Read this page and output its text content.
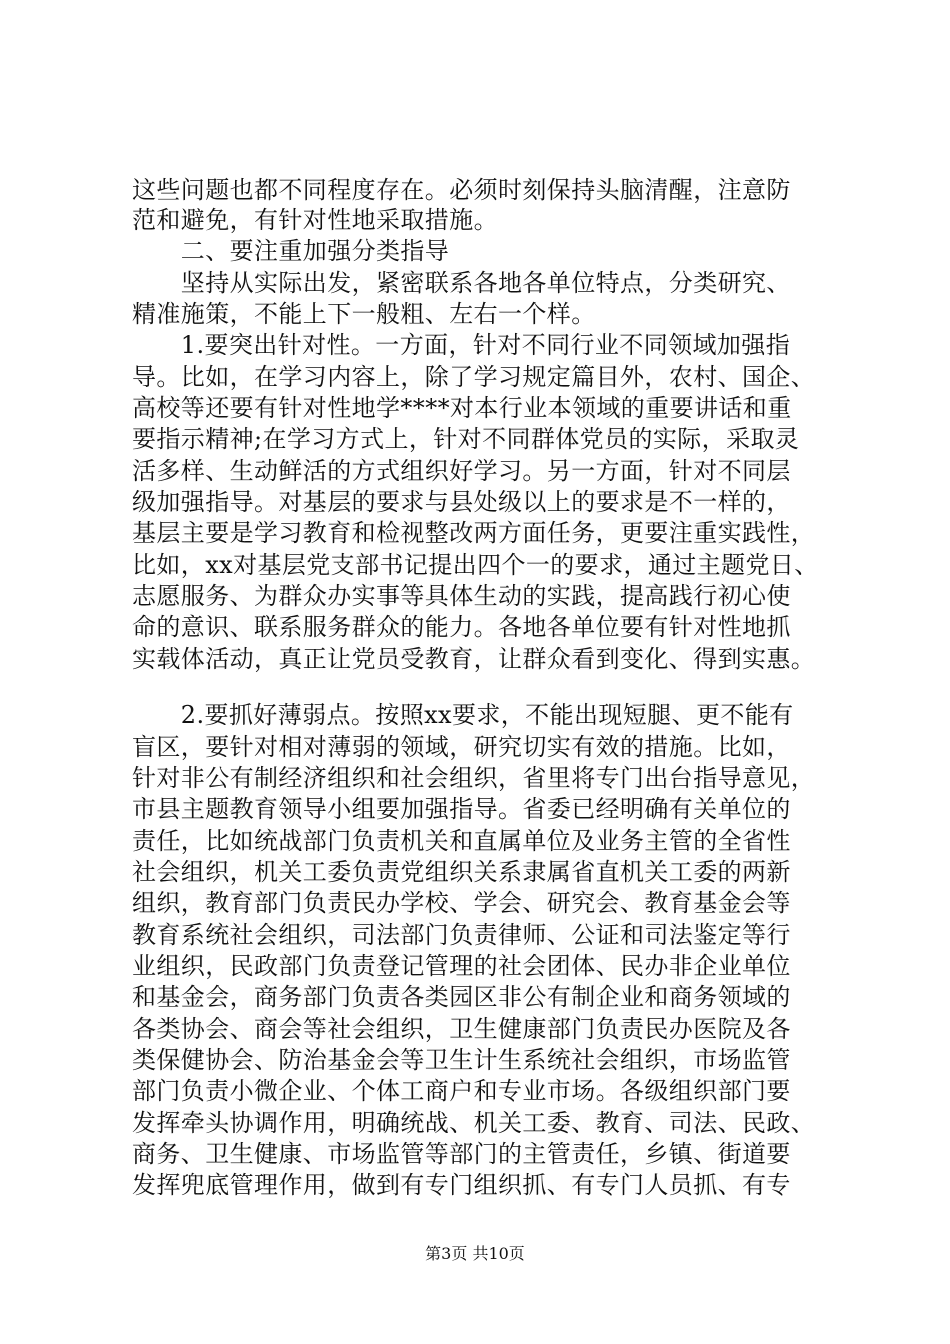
这些问题也都不同程度存在。必须时刻保持头脑清醒，注意防
范和避免，有针对性地采取措施。
　　二、要注重加强分类指导
　　坚持从实际出发，紧密联系各地各单位特点，分类研究、
精准施策，不能上下一般粗、左右一个样。
　　1.要突出针对性。一方面，针对不同行业不同领域加强指
导。比如，在学习内容上，除了学习规定篇目外，农村、国企、
高校等还要有针对性地学****对本行业本领域的重要讲话和重
要指示精神;在学习方式上，针对不同群体党员的实际，采取灵
活多样、生动鲜活的方式组织好学习。另一方面，针对不同层
级加强指导。对基层的要求与县处级以上的要求是不一样的，
基层主要是学习教育和检视整改两方面任务，更要注重实践性，
比如，xx对基层党支部书记提出四个一的要求，通过主题党日、
志愿服务、为群众办实事等具体生动的实践，提高践行初心使
命的意识、联系服务群众的能力。各地各单位要有针对性地抓
实载体活动，真正让党员受教育，让群众看到变化、得到实惠。
　　2.要抓好薄弱点。按照xx要求，不能出现短腿、更不能有
盲区，要针对相对薄弱的领域，研究切实有效的措施。比如，
针对非公有制经济组织和社会组织，省里将专门出台指导意见，
市县主题教育领导小组要加强指导。省委已经明确有关单位的
责任，比如统战部门负责机关和直属单位及业务主管的全省性
社会组织，机关工委负责党组织关系隶属省直机关工委的两新
组织，教育部门负责民办学校、学会、研究会、教育基金会等
教育系统社会组织，司法部门负责律师、公证和司法鉴定等行
业组织，民政部门负责登记管理的社会团体、民办非企业单位
和基金会，商务部门负责各类园区非公有制企业和商务领域的
各类协会、商会等社会组织，卫生健康部门负责民办医院及各
类保健协会、防治基金会等卫生计生系统社会组织，市场监管
部门负责小微企业、个体工商户和专业市场。各级组织部门要
发挥牵头协调作用，明确统战、机关工委、教育、司法、民政、
商务、卫生健康、市场监管等部门的主管责任，乡镇、街道要
发挥兜底管理作用，做到有专门组织抓、有专门人员抓、有专
第3页 共10页
